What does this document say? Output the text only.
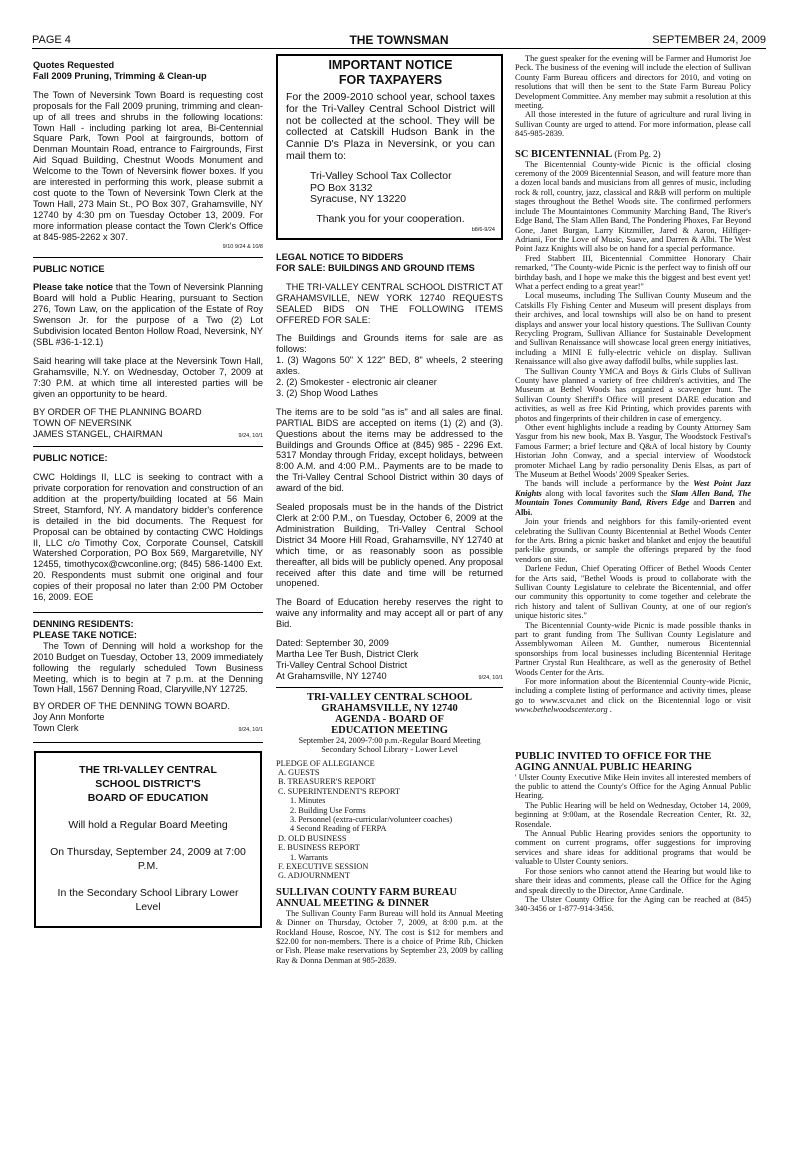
PAGE 4	THE TOWNSMAN	SEPTEMBER 24, 2009
Quotes Requested
Fall 2009 Pruning, Trimming & Clean-up

The Town of Neversink Town Board is requesting cost proposals for the Fall 2009 pruning, trimming and clean-up of all trees and shrubs in the following locations: Town Hall - including parking lot area, Bi-Centennial Square Park, Town Pool at fairgrounds, bottom of Denman Mountain Road, entrance to Fairgrounds, First Aid Squad Building, Chestnut Woods Monument and Welcome to the Town of Neversink flower boxes. If you are interested in performing this work, please submit a cost quote to the Town of Neversink Town Clerk at the Town Hall, 273 Main St., PO Box 307, Grahamsville, NY 12740 by 4:30 pm on Tuesday October 13, 2009. For more information please contact the Town Clerk's Office at 845-985-2262 x 307.

9/10 9/24 & 10/8
PUBLIC NOTICE

Please take notice that the Town of Neversink Planning Board will hold a Public Hearing, pursuant to Section 276, Town Law, on the application of the Estate of Roy Swenson Jr. for the purpose of a Two (2) Lot Subdivision located Benton Hollow Road, Neversink, NY (SBL #36-1-12.1)

Said hearing will take place at the Neversink Town Hall, Grahamsville, N.Y. on Wednesday, October 7, 2009 at 7:30 P.M. at which time all interested parties will be given an opportunity to be heard.

BY ORDER OF THE PLANNING BOARD
TOWN OF NEVERSINK
JAMES STANGEL, CHAIRMAN	9/24, 10/1
PUBLIC NOTICE:

CWC Holdings II, LLC is seeking to contract with a private corporation for renovation and construction of an addition at the property/building located at 56 Main Street, Stamford, NY. A mandatory bidder's conference is detailed in the bid documents. The Request for Proposal can be obtained by contacting CWC Holdings II, LLC c/o Timothy Cox, Corporate Counsel, Catskill Watershed Corporation, PO Box 569, Margaretville, NY 12455, timothycox@cwconline.org; (845) 586-1400 Ext. 20. Respondents must submit one original and four copies of their proposal no later than 2:00 PM October 16, 2009. EOE

DENNING RESIDENTS:
PLEASE TAKE NOTICE:

The Town of Denning will hold a workshop for the 2010 Budget on Tuesday, October 13, 2009 immediately following the regularly scheduled Town Business Meeting, which is to begin at 7 p.m. at the Denning Town Hall, 1567 Denning Road, Claryville,NY 12725.

BY ORDER OF THE DENNING TOWN BOARD.

Joy Ann Monforte
Town Clerk	9/24, 10/1
THE TRI-VALLEY CENTRAL
SCHOOL DISTRICT'S
BOARD OF EDUCATION
Will hold a Regular Board Meeting
On Thursday, September 24, 2009 at 7:00 P.M.
In the Secondary School Library Lower Level
IMPORTANT NOTICE
FOR TAXPAYERS

For the 2009-2010 school year, school taxes for the Tri-Valley Central School District will not be collected at the school. They will be collected at Catskill Hudson Bank in the Cannie D's Plaza in Neversink, or you can mail them to:

Tri-Valley School Tax Collector
PO Box 3132
Syracuse, NY 13220
Thank you for your cooperation.
b8/6-9/24
LEGAL NOTICE TO BIDDERS

FOR SALE: BUILDINGS AND GROUND ITEMS

THE TRI-VALLEY CENTRAL SCHOOL DISTRICT AT GRAHAMSVILLE, NEW YORK 12740 REQUESTS SEALED BIDS ON THE FOLLOWING ITEMS OFFERED FOR SALE:

The Buildings and Grounds items for sale are as follows:

1. (3) Wagons 50" X 122" BED, 8" wheels, 2 steering axles.

2. (2) Smokester - electronic air cleaner

3. (2) Shop Wood Lathes

The items are to be sold "as is" and all sales are final. PARTIAL BIDS are accepted on items (1) (2) and (3). Questions about the items may be addressed to the Buildings and Grounds Office at (845) 985 - 2296 Ext. 5317 Monday through Friday, except holidays, between 8:00 A.M. and 4:00 P.M.. Payments are to be made to the Tri-Valley Central School District within 30 days of award of the bid.

Sealed proposals must be in the hands of the District Clerk at 2:00 P.M., on Tuesday, October 6, 2009 at the Administration Building, Tri-Valley Central School District 34 Moore Hill Road, Grahamsville, NY 12740 at which time, or as reasonably soon as possible thereafter, all bids will be publicly opened. Any proposal received after this date and time will be returned unopened.

The Board of Education hereby reserves the right to waive any informality and may accept all or part of any Bid.

Dated: September 30, 2009
Martha Lee Ter Bush, District Clerk
Tri-Valley Central School District
At Grahamsville, NY 12740	9/24, 10/1
TRI-VALLEY CENTRAL SCHOOL
GRAHAMSVILLE, NY 12740
AGENDA - BOARD OF
EDUCATION MEETING
September 24, 2009-7:00 p.m.-Regular Board Meeting
Secondary School Library - Lower Level
PLEDGE OF ALLEGIANCE
A. GUESTS
B. TREASURER'S REPORT
C. SUPERINTENDENT'S REPORT
1. Minutes
2. Building Use Forms
3. Personnel (extra-curricular/volunteer coaches)
4 Second Reading of FERPA
D. OLD BUSINESS
E. BUSINESS REPORT
1. Warrants
F. EXECUTIVE SESSION
G. ADJOURNMENT
SULLIVAN COUNTY FARM BUREAU
ANNUAL MEETING & DINNER

The Sullivan County Farm Bureau will hold its Annual Meeting & Dinner on Thursday, October 7, 2009, at 8:00 p.m. at the Rockland House, Roscoe, NY. The cost is $12 for members and $22.00 for non-members. There is a choice of Prime Rib, Chicken or Fish. Please make reservations by September 23, 2009 by calling Ray & Donna Denman at 985-2839.

The guest speaker for the evening will be Farmer and Humorist Joe Peck. The business of the evening will include the election of Sullivan County Farm Bureau officers and directors for 2010, and voting on resolutions that will then be sent to the State Farm Bureau Policy Development Committee. Any member may submit a resolution at this meeting.

All those interested in the future of agriculture and rural living in Sullivan County are urged to attend. For more information, please call 845-985-2839.

SC BICENTENNIAL (From Pg. 2)

The Bicentennial County-wide Picnic is the official closing ceremony of the 2009 Bicentennial Season, and will feature more than a dozen local bands and musicians from all genres of music, including rock & roll, country, jazz, classical and R&B will perform on multiple stages throughout the Bethel Woods site. The confirmed performers include The Mountaintones Community Marching Band, The River's Edge Band, The Slam Allen Band, The Pondering Phoxes, Far Beyond Gone, Janet Burgan, Larry Kitzmiller, Jared & Aaron, Hilfiger-Adriani, For the Love of Music, Suave, and Darren & Albi. The West Point Jazz Knights will also be on hand for a special performance.

Fred Stabbert III, Bicentennial Committee Honorary Chair remarked, "The County-wide Picnic is the perfect way to finish off our birthday bash, and I hope we make this the biggest and best event yet! What a perfect ending to a great year!"

Local museums, including The Sullivan County Museum and the Catskills Fly Fishing Center and Museum will present displays from their archives, and local townships will also be on hand to present displays and answer your local history questions. The Sullivan County Recycling Program, Sullivan Alliance for Sustainable Development and Sullivan Renaissance will showcase local green energy initiatives, including a MINI E fully-electric vehicle on display. Sullivan Renaissance will also give away daffodil bulbs, while supplies last.

The Sullivan County YMCA and Boys & Girls Clubs of Sullivan County have planned a variety of free children's activities, and The Museum at Bethel Woods has organized a scavenger hunt. The Sullivan County Sheriff's Office will present DARE education and activities, as well as free Kid Printing, which provides parents with photos and fingerprints of their children in case of emergency.

Other event highlights include a reading by County Attorney Sam Yasgur from his new book, Max B. Yasgur, The Woodstock Festival's Famous Farmer; a brief lecture and Q&A of local history by County Historian John Conway, and a special interview of Woodstock promoter Michael Lang by radio personality Denis Elsas, as part of The Museum at Bethel Woods' 2009 Speaker Series.

The bands will include a performance by the West Point Jazz Knights along with local favorites such the Slam Allen Band, The Mountain Tones Community Band, Rivers Edge and Darren and Albi.

Join your friends and neighbors for this family-oriented event celebrating the Sullivan County Bicentennial at Bethel Woods Center for the Arts. Bring a picnic basket and blanket and enjoy the beautiful park-like grounds, or sample the offerings prepared by the food vendors on site.

Darlene Fedun, Chief Operating Officer of Bethel Woods Center for the Arts said, "Bethel Woods is proud to collaborate with the Sullivan County Legislature to celebrate the Bicentennial, and offer our community this opportunity to come together and celebrate the rich history and talent of Sullivan County, at one of our region's unique historic sites."

The Bicentennial County-wide Picnic is made possible thanks in part to grant funding from The Sullivan County Legislature and Assemblywoman Aileen M. Gunther, numerous Bicentennial sponsorships from local businesses including Bicentennial Heritage Partner Crystal Run Healthcare, as well as the generosity of Bethel Woods Center for the Arts.

For more information about the Bicentennial County-wide Picnic, including a complete listing of performance and activity times, please go to www.scva.net and click on the Bicentennial logo or visit www.bethelwoodscenter.org .

PUBLIC INVITED TO OFFICE FOR THE
AGING ANNUAL PUBLIC HEARING

' Ulster County Executive Mike Hein invites all interested members of the public to attend the County's Office for the Aging Annual Public Hearing.

The Public Hearing will be held on Wednesday, October 14, 2009, beginning at 9:00am, at the Rosendale Recreation Center, Rt. 32, Rosendale.

The Annual Public Hearing provides seniors the opportunity to comment on current programs, offer suggestions for improving services and share ideas for additional programs that would be valuable to Ulster County seniors.

For those seniors who cannot attend the Hearing but would like to share their ideas and comments, please call the Office for the Aging and speak directly to the Director, Anne Cardinale.

The Ulster County Office for the Aging can be reached at (845) 340-3456 or 1-877-914-3456.
